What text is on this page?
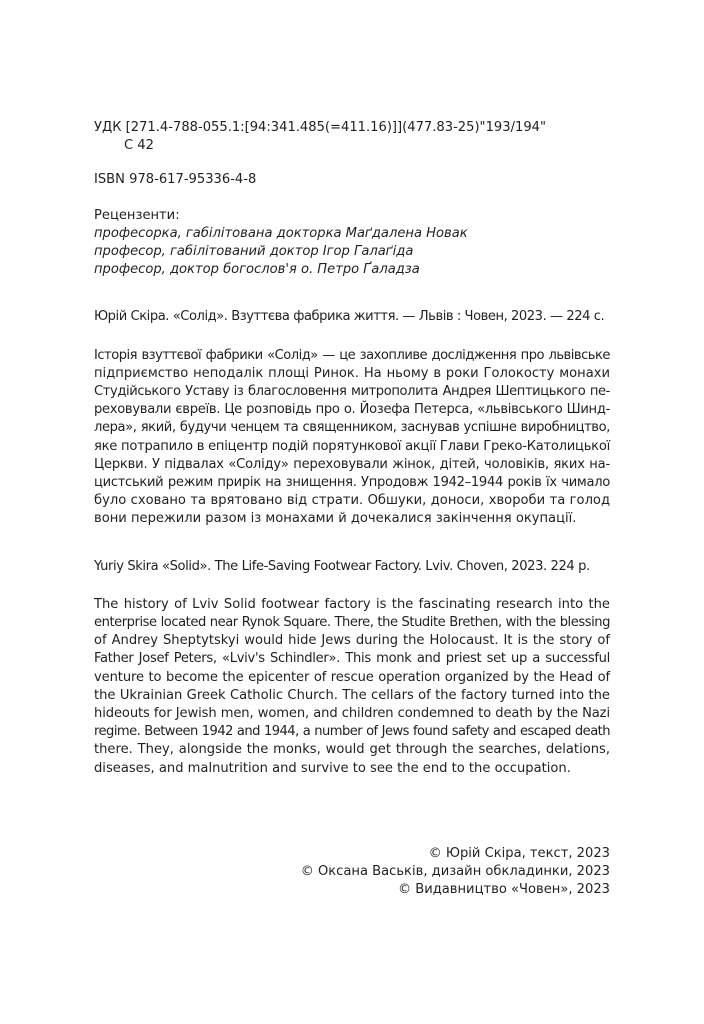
УДК [271.4-788-055.1:[94:341.485(=411.16)]](477.83-25)"193/194"
С 42
ISBN 978-617-95336-4-8
Рецензенти:
професорка, габілітована докторка Маґдалена Новак
професор, габілітований доктор Ігор Галаґіда
професор, доктор богослов'я о. Петро Ґаладза
Юрій Скіра. «Солід». Взуттєва фабрика життя. — Львів : Човен, 2023. — 224 с.
Історія взуттєвої фабрики «Солід» — це захопливе дослідження про львівське
підприємство неподалік площі Ринок. На ньому в роки Голокосту монахи
Студійського Уставу із благословення митрополита Андрея Шептицького пе-
реховували євреїв. Це розповідь про о. Йозефа Петерса, «львівського Шинд-
лера», який, будучи ченцем та священником, заснував успішне виробництво,
яке потрапило в епіцентр подій порятункової акції Глави Греко-Католицької
Церкви. У підвалах «Соліду» переховували жінок, дітей, чоловіків, яких на-
цистський режим прирік на знищення. Упродовж 1942–1944 років їх чимало
було сховано та врятовано від страти. Обшуки, доноси, хвороби та голод
вони пережили разом із монахами й дочекалися закінчення окупації.
Yuriy Skira «Solid». The Life-Saving Footwear Factory. Lviv. Choven, 2023. 224 p.
The history of Lviv Solid footwear factory is the fascinating research into the
enterprise located near Rynok Square. There, the Studite Brethen, with the blessing
of Andrey Sheptytskyi would hide Jews during the Holocaust. It is the story of
Father Josef Peters, «Lviv's Schindler». This monk and priest set up a successful
venture to become the epicenter of rescue operation organized by the Head of
the Ukrainian Greek Catholic Church. The cellars of the factory turned into the
hideouts for Jewish men, women, and children condemned to death by the Nazi
regime. Between 1942 and 1944, a number of Jews found safety and escaped death
there. They, alongside the monks, would get through the searches, delations,
diseases, and malnutrition and survive to see the end to the occupation.
© Юрій Скіра, текст, 2023
© Оксана Васьків, дизайн обкладинки, 2023
© Видавництво «Човен», 2023
